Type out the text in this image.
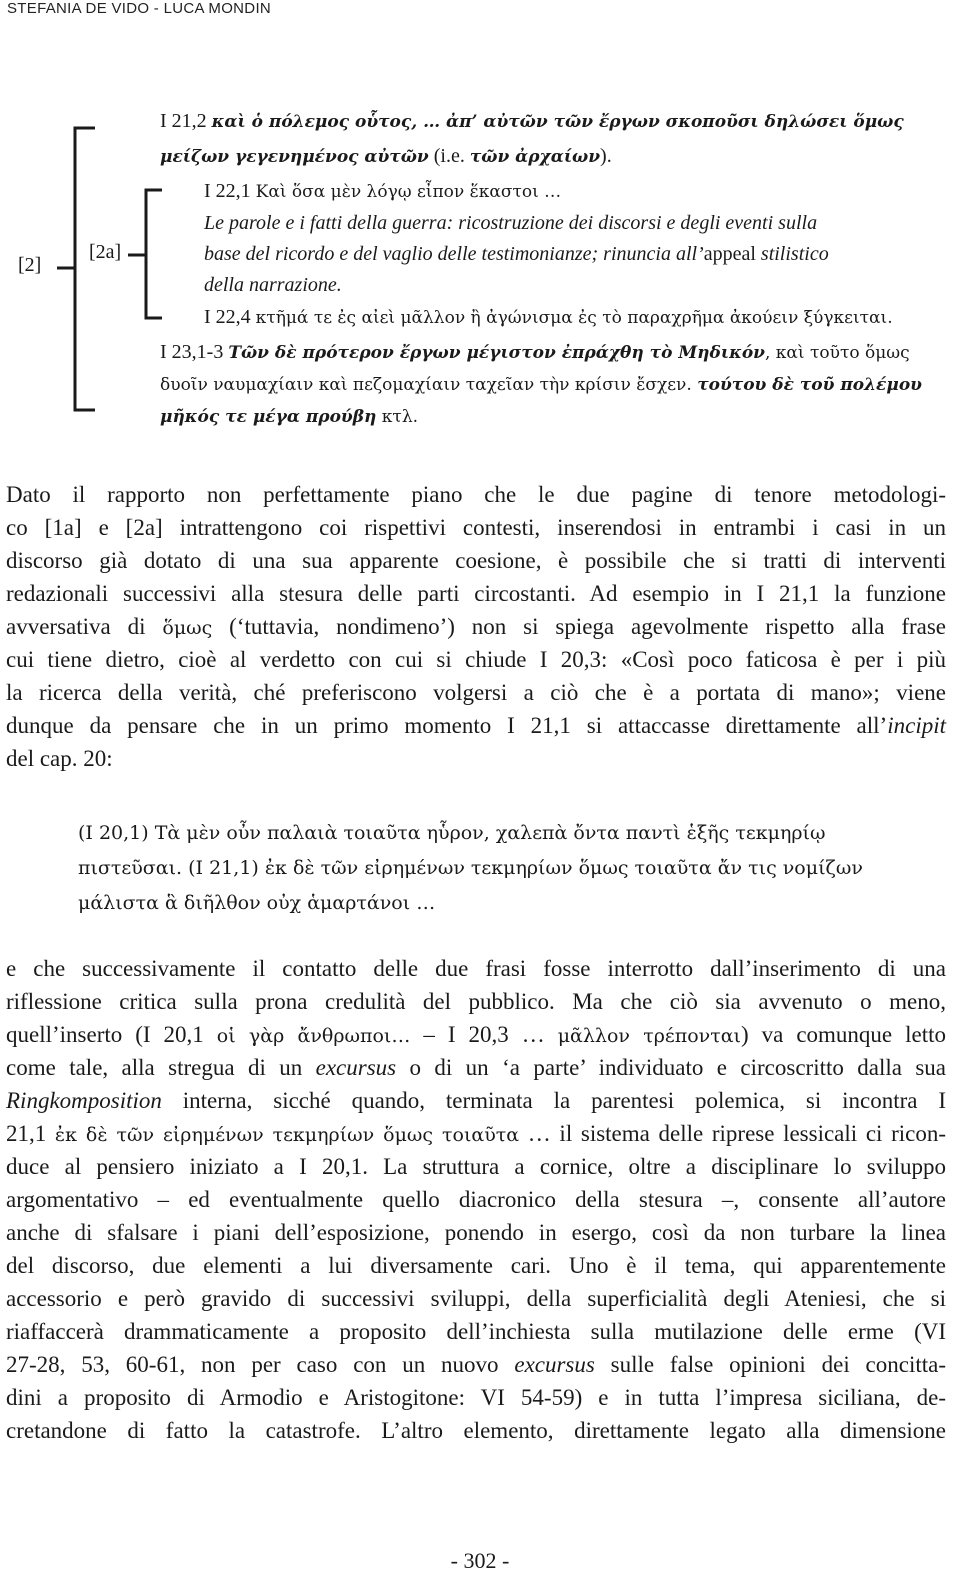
STEFANIA DE VIDO - LUCA MONDIN
[2]
[2a]
I 21,2 καὶ ὁ πόλεμος οὗτος, … ἀπ’ αὐτῶν τῶν ἔργων σκοποῦσι δηλώσει ὅμως
μείζων γεγενημένος αὐτῶν (i.e. τῶν ἀρχαίων).
I 22,1 Καὶ ὅσα μὲν λόγῳ εἶπον ἕκαστοι …
Le parole e i fatti della guerra: ricostruzione dei discorsi e degli eventi sulla
base del ricordo e del vaglio delle testimonianze; rinuncia all’appeal stilistico
della narrazione.
I 22,4 κτῆμά τε ἐς αἰεὶ μᾶλλον ἢ ἀγώνισμα ἐς τὸ παραχρῆμα ἀκούειν ξύγκειται.
I 23,1-3 Τῶν δὲ πρότερον ἔργων μέγιστον ἐπράχθη τὸ Μηδικόν, καὶ τοῦτο ὅμως
δυοῖν ναυμαχίαιν καὶ πεζομαχίαιν ταχεῖαν τὴν κρίσιν ἔσχεν. τούτου δὲ τοῦ πολέμου
μῆκός τε μέγα προύβη κτλ.
Dato il rapporto non perfettamente piano che le due pagine di tenore metodologi-
co [1a] e [2a] intrattengono coi rispettivi contesti, inserendosi in entrambi i casi in un
discorso già dotato di una sua apparente coesione, è possibile che si tratti di interventi
redazionali successivi alla stesura delle parti circostanti. Ad esempio in I 21,1 la funzione
avversativa di ὅμως (‘tuttavia, nondimeno’) non si spiega agevolmente rispetto alla frase
cui tiene dietro, cioè al verdetto con cui si chiude I 20,3: «Così poco faticosa è per i più
la ricerca della verità, ché preferiscono volgersi a ciò che è a portata di mano»; viene
dunque da pensare che in un primo momento I 21,1 si attaccasse direttamente all’incipit
del cap. 20:
(I 20,1) Τὰ μὲν οὖν παλαιὰ τοιαῦτα ηὗρον, χαλεπὰ ὄντα παντὶ ἑξῆς τεκμηρίῳ
πιστεῦσαι. (I 21,1) ἐκ δὲ τῶν εἰρημένων τεκμηρίων ὅμως τοιαῦτα ἄν τις νομίζων
μάλιστα ἃ διῆλθον οὐχ ἁμαρτάνοι …
e che successivamente il contatto delle due frasi fosse interrotto dall’inserimento di una
riflessione critica sulla prona credulità del pubblico. Ma che ciò sia avvenuto o meno,
quell’inserto (I 20,1 οἱ γὰρ ἄνθρωποι… – I 20,3 … μᾶλλον τρέπονται) va comunque letto
come tale, alla stregua di un excursus o di un ‘a parte’ individuato e circoscritto dalla sua
Ringkomposition interna, sicché quando, terminata la parentesi polemica, si incontra I
21,1 ἐκ δὲ τῶν εἰρημένων τεκμηρίων ὅμως τοιαῦτα … il sistema delle riprese lessicali ci ricon-
duce al pensiero iniziato a I 20,1. La struttura a cornice, oltre a disciplinare lo sviluppo
argomentativo – ed eventualmente quello diacronico della stesura –, consente all’autore
anche di sfalsare i piani dell’esposizione, ponendo in esergo, così da non turbare la linea
del discorso, due elementi a lui diversamente cari. Uno è il tema, qui apparentemente
accessorio e però gravido di successivi sviluppi, della superficialità degli Ateniesi, che si
riaffaccerà drammaticamente a proposito dell’inchiesta sulla mutilazione delle erme (VI
27-28, 53, 60-61, non per caso con un nuovo excursus sulle false opinioni dei concitta-
dini a proposito di Armodio e Aristogitone: VI 54-59) e in tutta l’impresa siciliana, de-
cretandone di fatto la catastrofe. L’altro elemento, direttamente legato alla dimensione
- 302 -
